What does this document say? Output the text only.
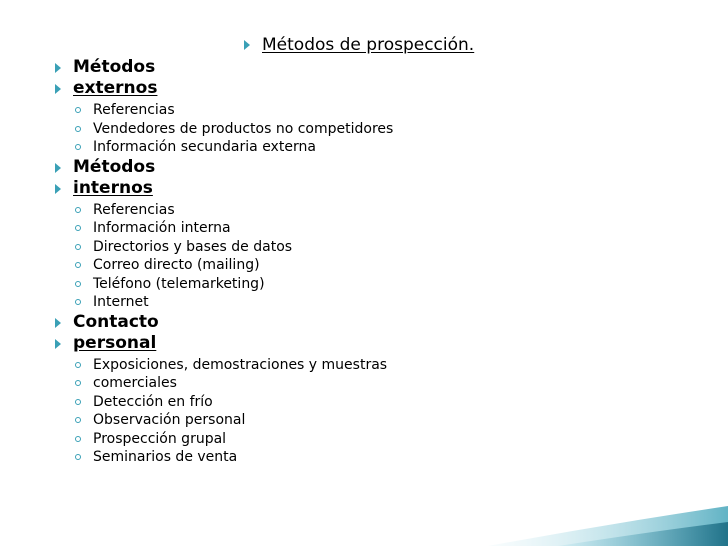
Métodos de prospección.
Métodos
externos
Referencias
Vendedores de productos no competidores
Información secundaria externa
Métodos
internos
Referencias
Información interna
Directorios y bases de datos
Correo directo (mailing)
Teléfono (telemarketing)
Internet
Contacto
personal
Exposiciones, demostraciones y muestras
comerciales
Detección en frío
Observación personal
Prospección grupal
Seminarios de venta
